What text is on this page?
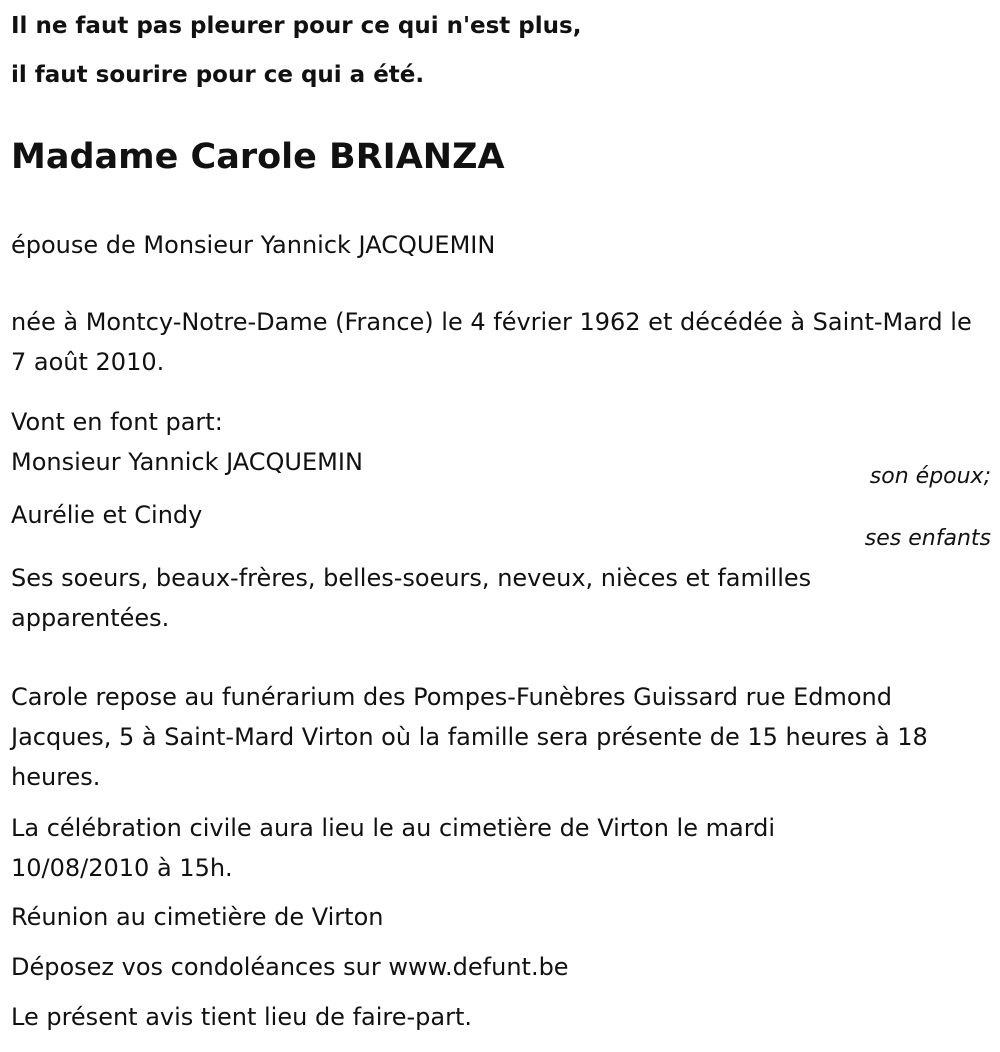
Il ne faut pas pleurer pour ce qui n'est plus,

il faut sourire pour ce qui a été.

Madame Carole BRIANZA

épouse de Monsieur Yannick JACQUEMIN

née à Montcy-Notre-Dame (France) le 4 février 1962 et décédée à Saint-Mard le 7 août 2010.

Vont en font part:
Monsieur Yannick JACQUEMIN

son époux;

Aurélie et Cindy

ses enfants

Ses soeurs, beaux-frères, belles-soeurs, neveux, nièces et familles apparentées.

Carole repose au funérarium des Pompes-Funèbres Guissard rue Edmond Jacques, 5 à Saint-Mard Virton où la famille sera présente de 15 heures à 18 heures.

La célébration civile aura lieu le au cimetière de Virton le mardi 10/08/2010 à 15h.

Réunion au cimetière de Virton

Déposez vos condoléances sur www.defunt.be

Le présent avis tient lieu de faire-part.
